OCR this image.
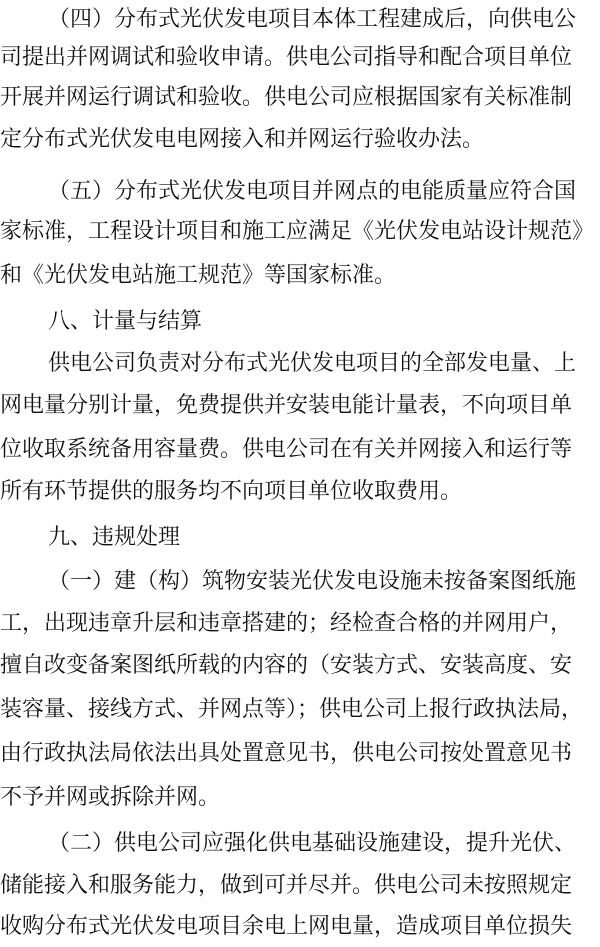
（四）分布式光伏发电项目本体工程建成后，向供电公
司提出并网调试和验收申请。供电公司指导和配合项目单位
开展并网运行调试和验收。供电公司应根据国家有关标准制
定分布式光伏发电电网接入和并网运行验收办法。
（五）分布式光伏发电项目并网点的电能质量应符合国
家标准，工程设计项目和施工应满足《光伏发电站设计规范》
和《光伏发电站施工规范》等国家标准。
八、计量与结算
供电公司负责对分布式光伏发电项目的全部发电量、上
网电量分别计量，免费提供并安装电能计量表，不向项目单
位收取系统备用容量费。供电公司在有关并网接入和运行等
所有环节提供的服务均不向项目单位收取费用。
九、违规处理
（一）建（构）筑物安装光伏发电设施未按备案图纸施
工，出现违章升层和违章搭建的；经检查合格的并网用户，
擅自改变备案图纸所载的内容的（安装方式、安装高度、安
装容量、接线方式、并网点等）；供电公司上报行政执法局，
由行政执法局依法出具处置意见书，供电公司按处置意见书
不予并网或拆除并网。
（二）供电公司应强化供电基础设施建设，提升光伏、
储能接入和服务能力，做到可并尽并。供电公司未按照规定
收购分布式光伏发电项目余电上网电量，造成项目单位损失
